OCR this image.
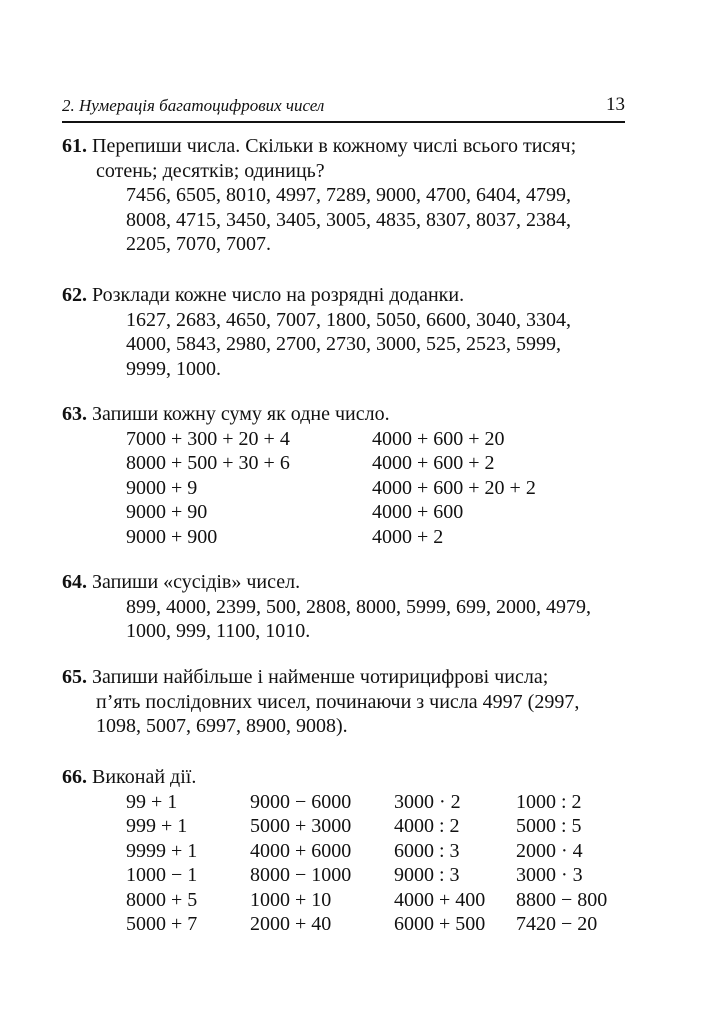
2. Нумерація багатоцифрових чисел	13
61. Перепиши числа. Скільки в кожному числі всього тисяч;
сотень; десятків; одиниць?
7456, 6505, 8010, 4997, 7289, 9000, 4700, 6404, 4799,
8008, 4715, 3450, 3405, 3005, 4835, 8307, 8037, 2384,
2205, 7070, 7007.
62. Розклади кожне число на розрядні доданки.
1627, 2683, 4650, 7007, 1800, 5050, 6600, 3040, 3304,
4000, 5843, 2980, 2700, 2730, 3000, 525, 2523, 5999,
9999, 1000.
63. Запиши кожну суму як одне число.
7000 + 300 + 20 + 4	4000 + 600 + 20
8000 + 500 + 30 + 6	4000 + 600 + 2
9000 + 9	4000 + 600 + 20 + 2
9000 + 90	4000 + 600
9000 + 900	4000 + 2
64. Запиши «сусідів» чисел.
899, 4000, 2399, 500, 2808, 8000, 5999, 699, 2000, 4979,
1000, 999, 1100, 1010.
65. Запиши найбільше і найменше чотирицифрові числа;
п’ять послідовних чисел, починаючи з числа 4997 (2997,
1098, 5007, 6997, 8900, 9008).
66. Виконай дії.
99 + 1	9000 − 6000	3000 · 2	1000 : 2
999 + 1	5000 + 3000	4000 : 2	5000 : 5
9999 + 1	4000 + 6000	6000 : 3	2000 · 4
1000 − 1	8000 − 1000	9000 : 3	3000 · 3
8000 + 5	1000 + 10	4000 + 400	8800 − 800
5000 + 7	2000 + 40	6000 + 500	7420 − 20
